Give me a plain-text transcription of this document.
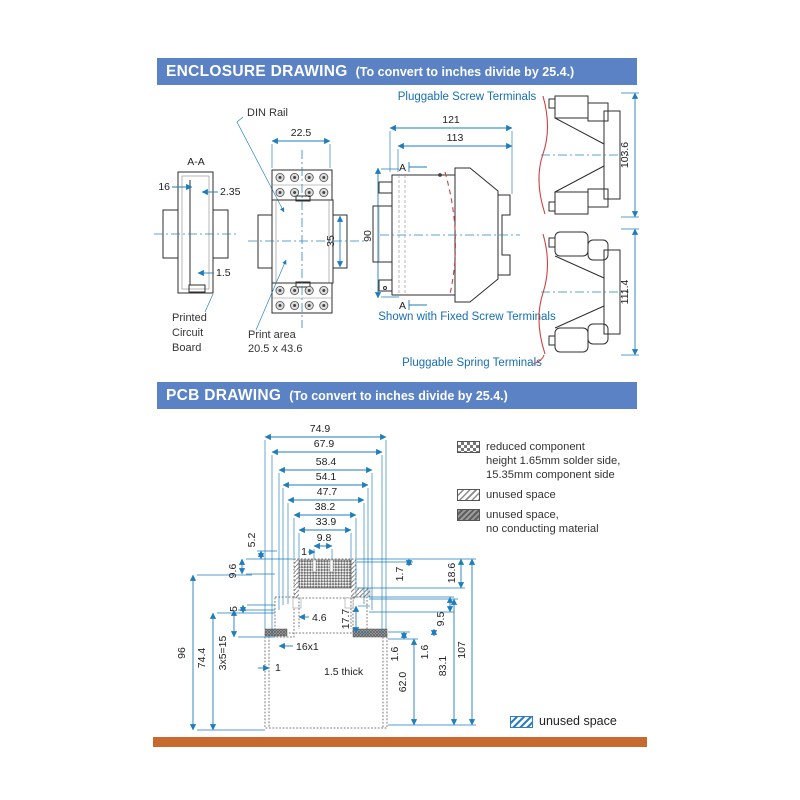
ENCLOSURE DRAWING (To convert to inches divide by 25.4.)
A-A
16	2.35
1.5
Printed
Circuit
Board
DIN Rail
22.5
35
Print area
20.5 x 43.6
90
121
113
A
A
Pluggable Screw Terminals
Shown with Fixed Screw Terminals
Pluggable Spring Terminals
103.6
111.4
PCB DRAWING (To convert to inches divide by 25.4.)
74.9
67.9
58.4
54.1
47.7
38.2
33.9
9.8
1
5.2
9.6
5
96 74.4 3x5=15
4.6
16x1
1	1.5 thick
17.7
1.7	18.6
9.5
1.6 1.6
62.0
83.1
107
reduced component
height 1.65mm solder side,
15.35mm component side
unused space
unused space,
no conducting material
unused space
